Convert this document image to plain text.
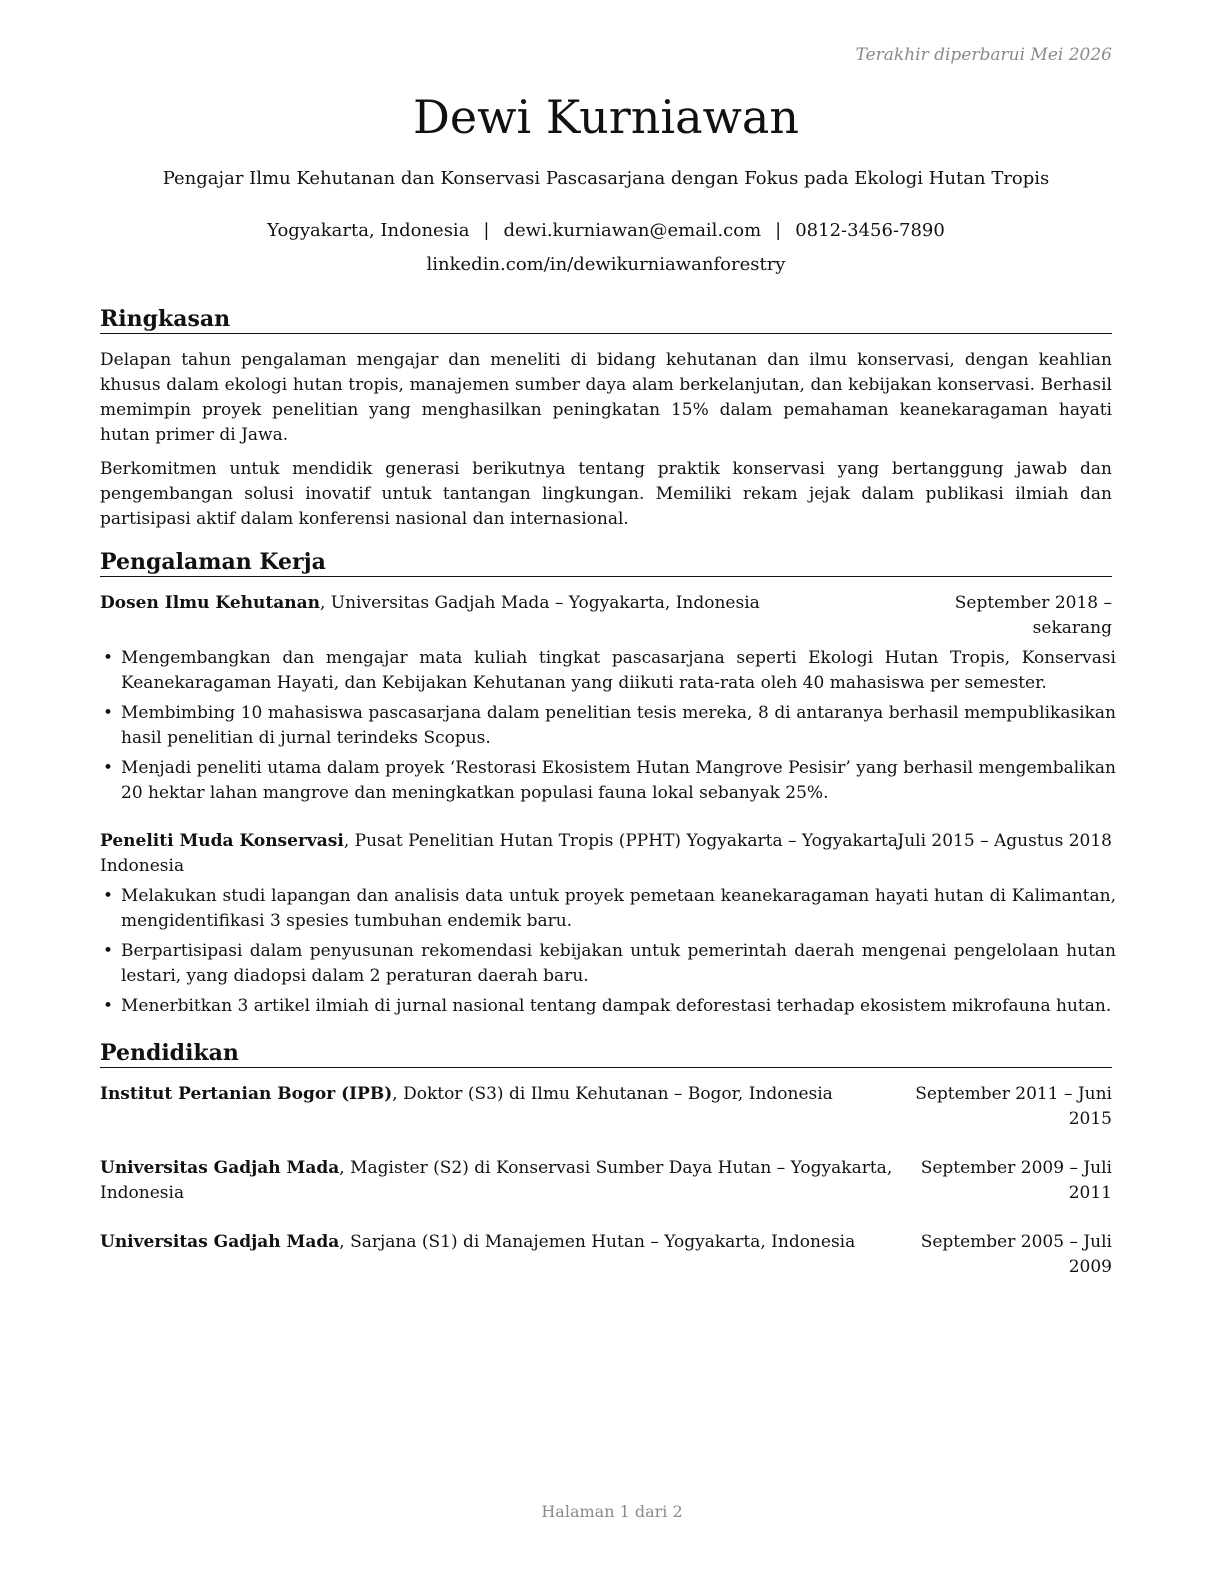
Terakhir diperbarui Mei 2026
Dewi Kurniawan
Pengajar Ilmu Kehutanan dan Konservasi Pascasarjana dengan Fokus pada Ekologi Hutan Tropis
Yogyakarta, Indonesia | dewi.kurniawan@email.com | 0812-3456-7890
linkedin.com/in/dewikurniawanforestry
Ringkasan

Delapan tahun pengalaman mengajar dan meneliti di bidang kehutanan dan ilmu konservasi, dengan keahlian khusus dalam ekologi hutan tropis, manajemen sumber daya alam berkelanjutan, dan kebijakan konservasi. Berhasil memimpin proyek penelitian yang menghasilkan peningkatan 15% dalam pemahaman keanekaragaman hayati hutan primer di Jawa.

Berkomitmen untuk mendidik generasi berikutnya tentang praktik konservasi yang bertanggung jawab dan pengembangan solusi inovatif untuk tantangan lingkungan. Memiliki rekam jejak dalam publikasi ilmiah dan partisipasi aktif dalam konferensi nasional dan internasional.

Pengalaman Kerja
Dosen Ilmu Kehutanan, Universitas Gadjah Mada – Yogyakarta, Indonesia	September 2018 –
sekarang
• Mengembangkan dan mengajar mata kuliah tingkat pascasarjana seperti Ekologi Hutan Tropis, Konservasi Keanekaragaman Hayati, dan Kebijakan Kehutanan yang diikuti rata-rata oleh 40 mahasiswa per semester.
• Membimbing 10 mahasiswa pascasarjana dalam penelitian tesis mereka, 8 di antaranya berhasil mempublikasikan hasil penelitian di jurnal terindeks Scopus.
• Menjadi peneliti utama dalam proyek ‘Restorasi Ekosistem Hutan Mangrove Pesisir’ yang berhasil mengembalikan 20 hektar lahan mangrove dan meningkatkan populasi fauna lokal sebanyak 25%.
Peneliti Muda Konservasi, Pusat Penelitian Hutan Tropis (PPHT) Yogyakarta – Yogyakarta,
Indonesia
Juli 2015 – Agustus 2018
• Melakukan studi lapangan dan analisis data untuk proyek pemetaan keanekaragaman hayati hutan di Kalimantan, mengidentifikasi 3 spesies tumbuhan endemik baru.
• Berpartisipasi dalam penyusunan rekomendasi kebijakan untuk pemerintah daerah mengenai pengelolaan hutan lestari, yang diadopsi dalam 2 peraturan daerah baru.
• Menerbitkan 3 artikel ilmiah di jurnal nasional tentang dampak deforestasi terhadap ekosistem mikrofauna hutan.
Pendidikan
Institut Pertanian Bogor (IPB), Doktor (S3) di Ilmu Kehutanan – Bogor, Indonesia	September 2011 – Juni
2015
Universitas Gadjah Mada, Magister (S2) di Konservasi Sumber Daya Hutan – Yogyakarta,
Indonesia
September 2009 – Juli
2011
Universitas Gadjah Mada, Sarjana (S1) di Manajemen Hutan – Yogyakarta, Indonesia	September 2005 – Juli
2009
Halaman 1 dari 2
